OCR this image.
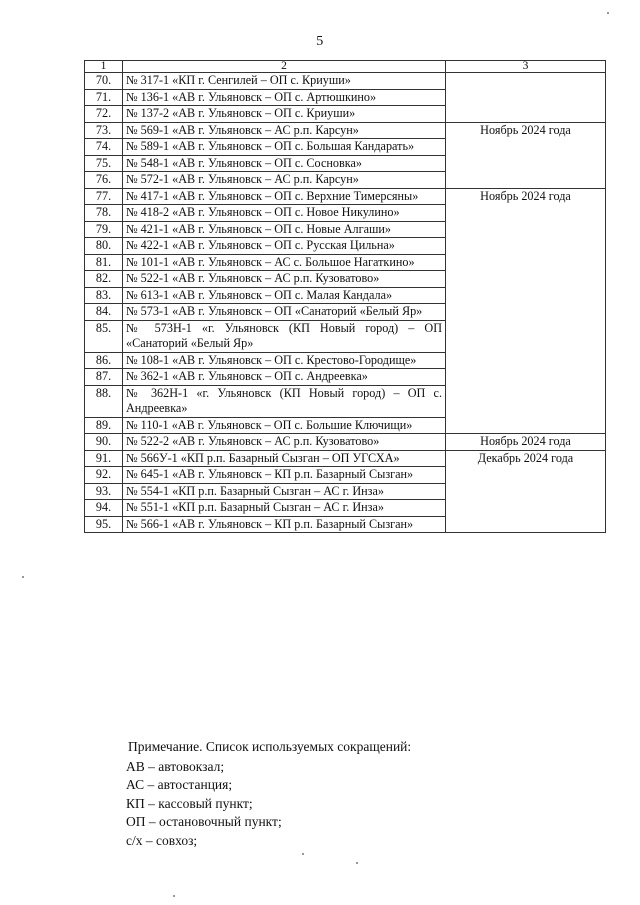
5
1	2	3
70.	№ 317-1 «КП г. Сенгилей – ОП с. Криуши»	
71.	№ 136-1 «АВ г. Ульяновск – ОП с. Артюшкино»	
72.	№ 137-2 «АВ г. Ульяновск – ОП с. Криуши»	
73.	№ 569-1 «АВ г. Ульяновск – АС р.п. Карсун»	Ноябрь 2024 года
74.	№ 589-1 «АВ г. Ульяновск – ОП с. Большая Кандарать»	
75.	№ 548-1 «АВ г. Ульяновск – ОП с. Сосновка»	
76.	№ 572-1 «АВ г. Ульяновск – АС р.п. Карсун»	
77.	№ 417-1 «АВ г. Ульяновск – ОП с. Верхние Тимерсяны»	Ноябрь 2024 года
78.	№ 418-2 «АВ г. Ульяновск – ОП с. Новое Никулино»	
79.	№ 421-1 «АВ г. Ульяновск – ОП с. Новые Алгаши»	
80.	№ 422-1 «АВ г. Ульяновск – ОП с. Русская Цильна»	
81.	№ 101-1 «АВ г. Ульяновск – АС с. Большое Нагаткино»	
82.	№ 522-1 «АВ г. Ульяновск – АС р.п. Кузоватово»	
83.	№ 613-1 «АВ г. Ульяновск – ОП с. Малая Кандала»	
84.	№ 573-1 «АВ г. Ульяновск – ОП «Санаторий «Белый Яр»	
85.	№ 573Н-1 «г. Ульяновск (КП Новый город) – ОП «Санаторий «Белый Яр»	
86.	№ 108-1 «АВ г. Ульяновск – ОП с. Крестово-Городище»	
87.	№ 362-1 «АВ г. Ульяновск – ОП с. Андреевка»	
88.	№ 362Н-1 «г. Ульяновск (КП Новый город) – ОП с. Андреевка»	
89.	№ 110-1 «АВ г. Ульяновск – ОП с. Большие Ключищи»	
90.	№ 522-2 «АВ г. Ульяновск – АС р.п. Кузоватово»	Ноябрь 2024 года
91.	№ 566У-1 «КП р.п. Базарный Сызган – ОП УГСХА»	Декабрь 2024 года
92.	№ 645-1 «АВ г. Ульяновск – КП р.п. Базарный Сызган»	
93.	№ 554-1 «КП р.п. Базарный Сызган – АС г. Инза»	
94.	№ 551-1 «КП р.п. Базарный Сызган – АС г. Инза»	
95.	№ 566-1 «АВ г. Ульяновск – КП р.п. Базарный Сызган»	
Примечание. Список используемых сокращений:
АВ – автовокзал;
АС – автостанция;
КП – кассовый пункт;
ОП – остановочный пункт;
с/х – совхоз;
